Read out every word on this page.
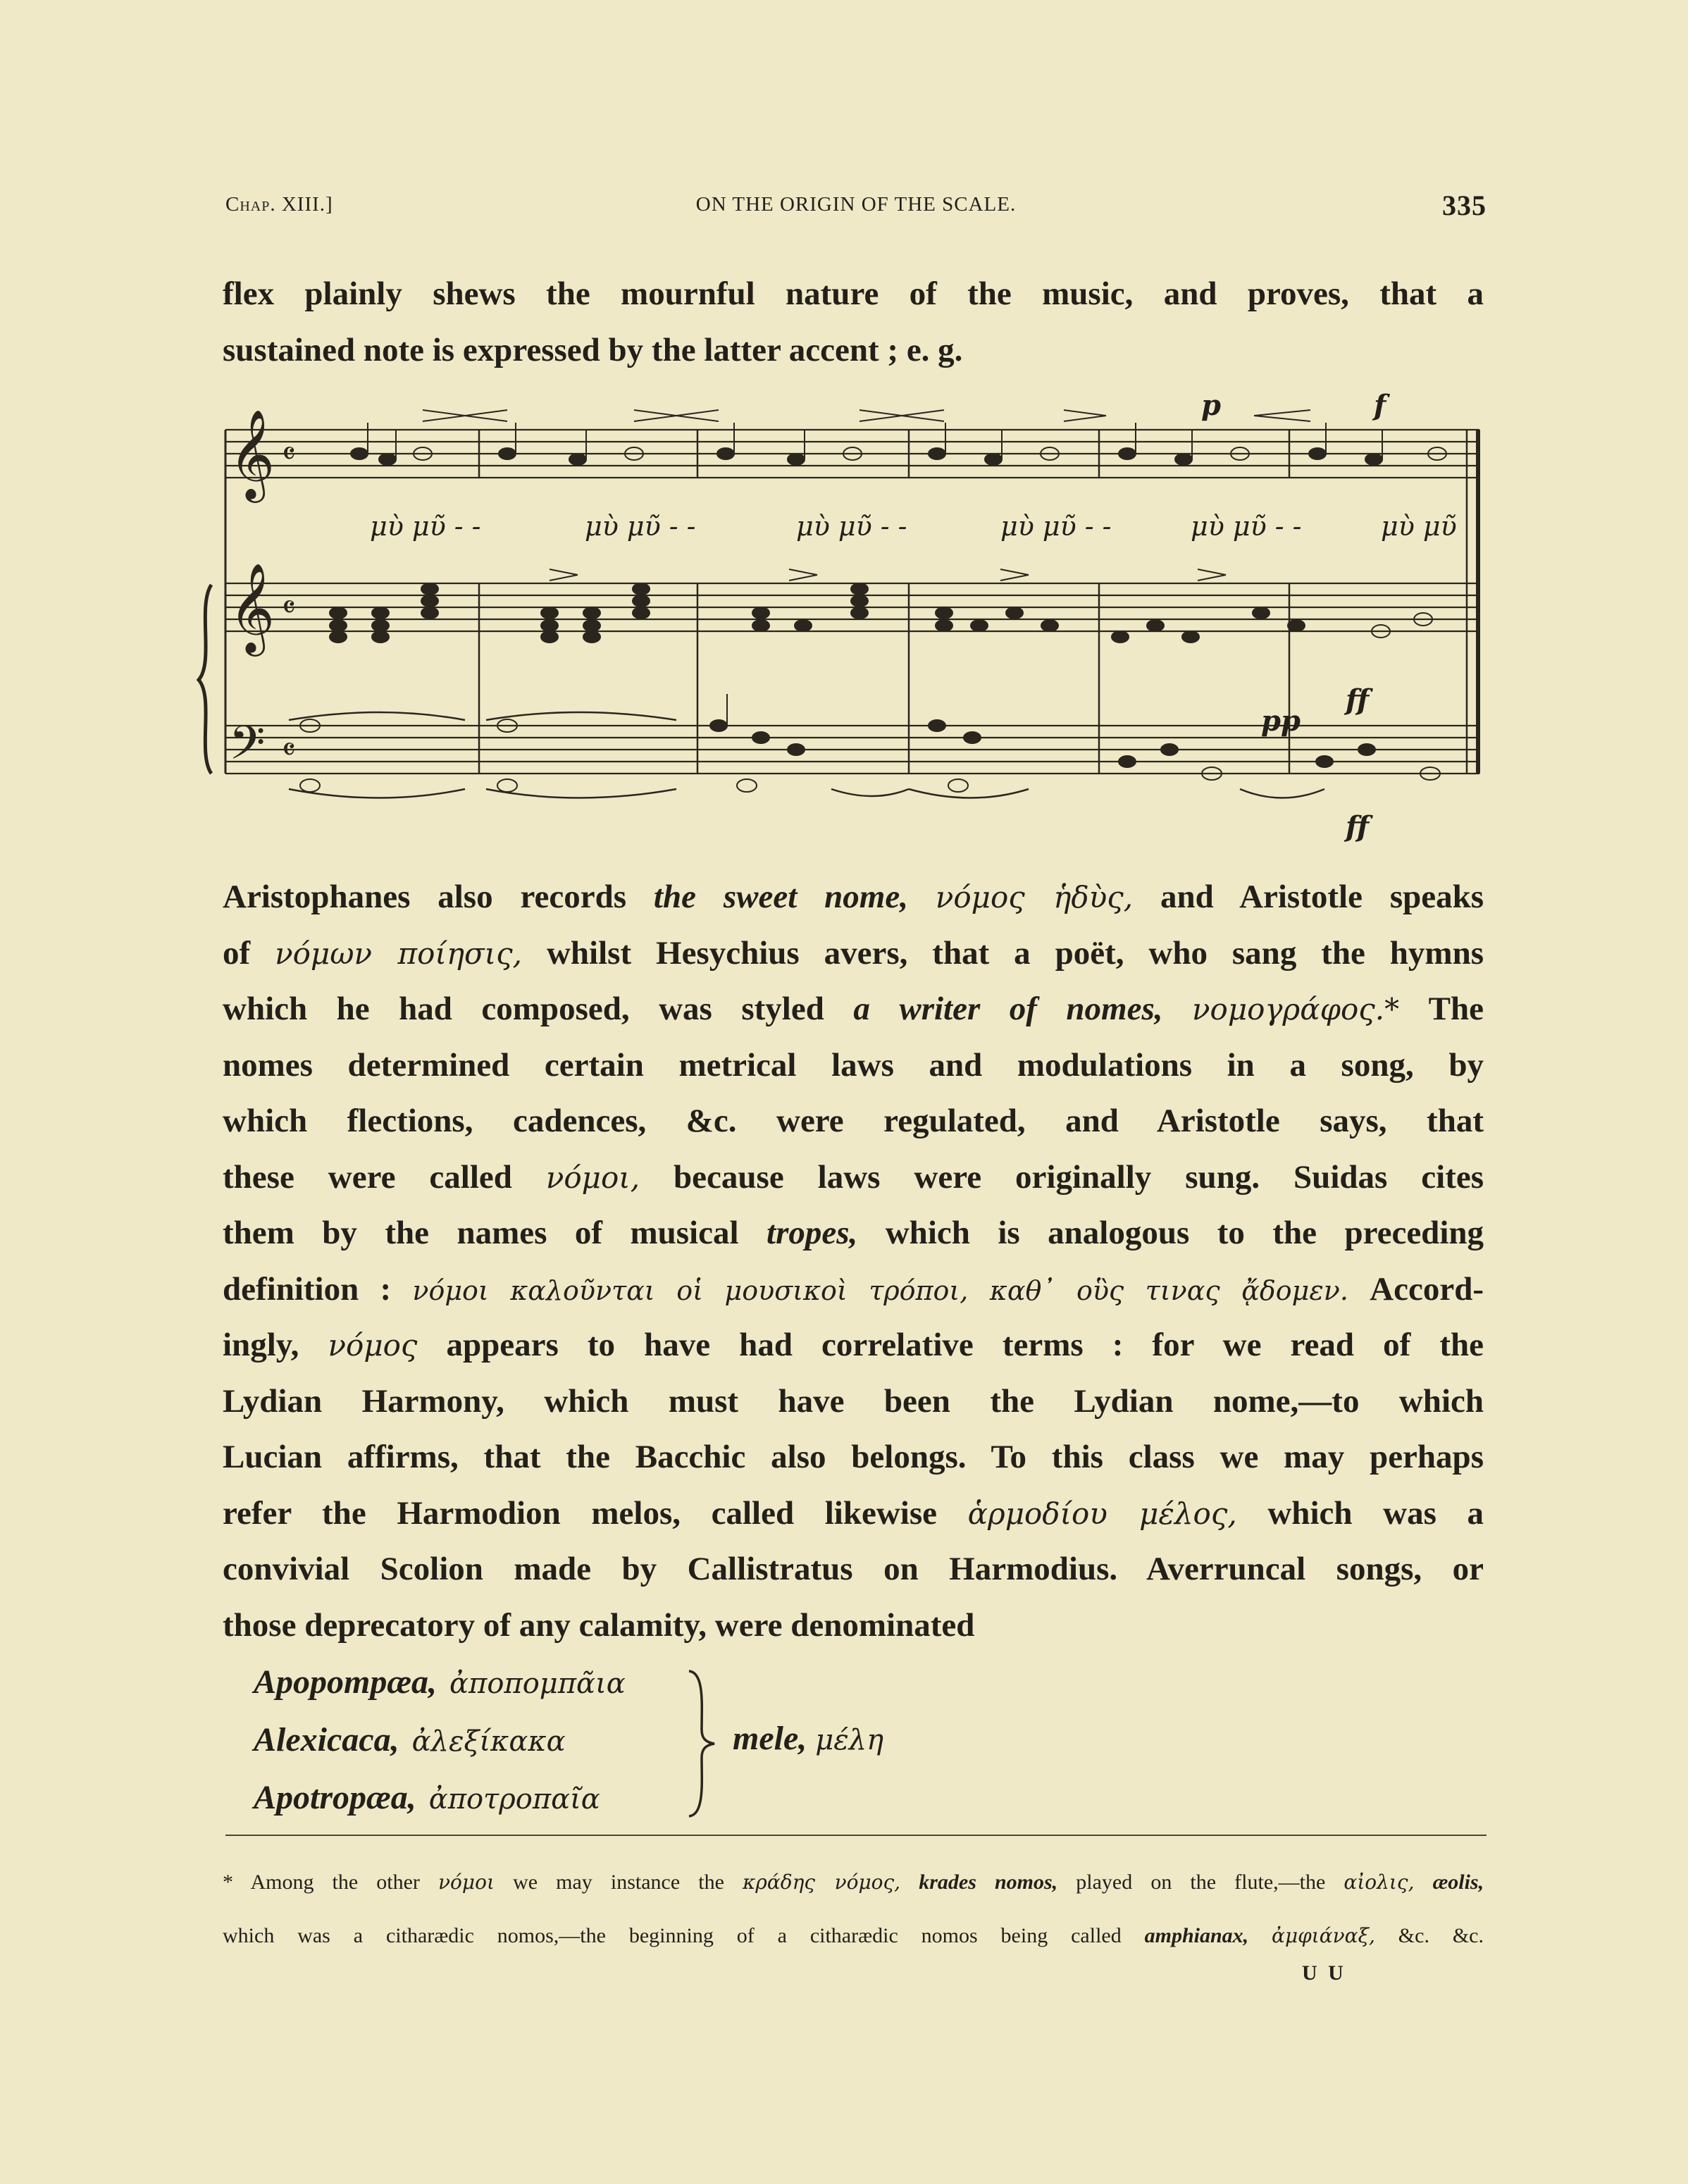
Chap. XIII.]	ON THE ORIGIN OF THE SCALE.	335
flex plainly shews the mournful nature of the music, and proves, that a
sustained note is expressed by the latter accent ; e. g.
𝄞
𝄞
𝄢
𝄴
𝄴
𝄴
μὺ μῦ - -	μὺ μῦ - -	μὺ μῦ - -	μὺ μῦ - -	μὺ μῦ - -	μὺ μῦ
p	f
pp
ff
ff
Aristophanes also records the sweet nome, νόμος ἡδὺς, and Aristotle speaks
of νόμων ποίησις, whilst Hesychius avers, that a poët, who sang the hymns
which he had composed, was styled a writer of nomes, νομογράφος.* The
nomes determined certain metrical laws and modulations in a song, by
which flections, cadences, &c. were regulated, and Aristotle says, that
these were called νόμοι, because laws were originally sung. Suidas cites
them by the names of musical tropes, which is analogous to the preceding
definition : νόμοι καλοῦνται οἱ μουσικοὶ τρόποι, καθ᾽ οὓς τινας ᾄδομεν. Accord-
ingly, νόμος appears to have had correlative terms : for we read of the
Lydian Harmony, which must have been the Lydian nome,—to which
Lucian affirms, that the Bacchic also belongs. To this class we may perhaps
refer the Harmodion melos, called likewise ἁρμοδίου μέλος, which was a
convivial Scolion made by Callistratus on Harmodius. Averruncal songs, or
those deprecatory of any calamity, were denominated
Apopompæa, ἀποπομπᾶια
Alexicaca, ἀλεξίκακα
Apotropæa, ἀποτροπαῖα
mele, μέλη
* Among the other νόμοι we may instance the κράδης νόμος, krades nomos, played on the flute,—the αἰολις, æolis,
which was a citharædic nomos,—the beginning of a citharædic nomos being called amphianax, ἀμφιάναξ, &c. &c.
U U
